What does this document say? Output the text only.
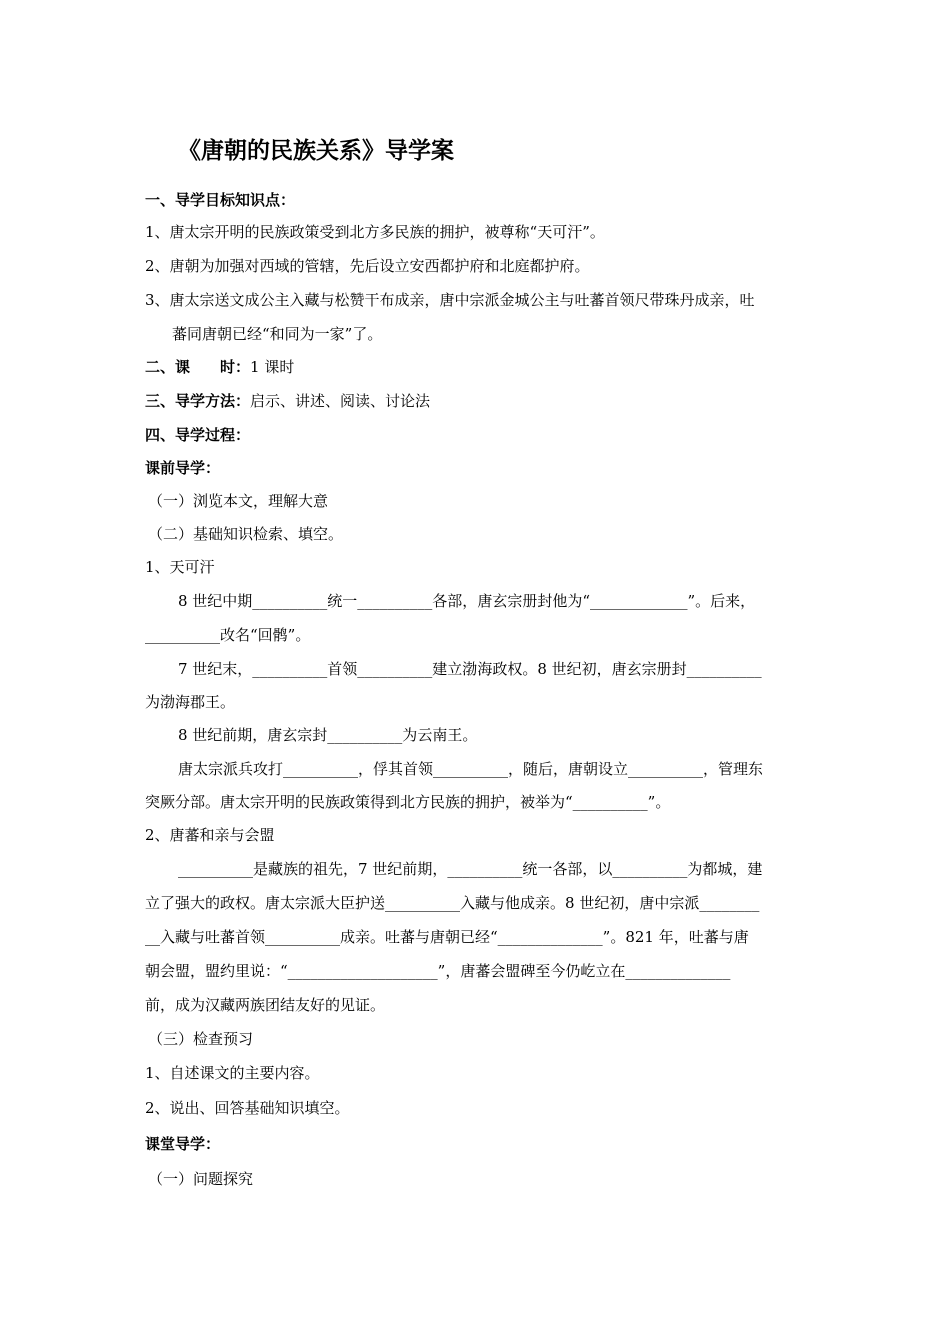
《唐朝的民族关系》导学案
一、导学目标知识点：
1、唐太宗开明的民族政策受到北方多民族的拥护，被尊称“天可汗”。
2、唐朝为加强对西域的管辖，先后设立安西都护府和北庭都护府。
3、唐太宗送文成公主入藏与松赞干布成亲，唐中宗派金城公主与吐蕃首领尺带珠丹成亲，吐
蕃同唐朝已经“和同为一家”了。
二、课　　时：1 课时
三、导学方法：启示、讲述、阅读、讨论法
四、导学过程：
课前导学：
（一）浏览本文，理解大意
（二）基础知识检索、填空。
1、天可汗
8 世纪中期__________统一__________各部，唐玄宗册封他为“_____________”。后来，
__________改名“回鹘”。
7 世纪末，__________首领__________建立渤海政权。8 世纪初，唐玄宗册封__________
为渤海郡王。
8 世纪前期，唐玄宗封__________为云南王。
唐太宗派兵攻打__________，俘其首领__________，随后，唐朝设立__________，管理东
突厥分部。唐太宗开明的民族政策得到北方民族的拥护，被举为“__________”。
2、唐蕃和亲与会盟
__________是藏族的祖先，7 世纪前期，__________统一各部，以__________为都城，建
立了强大的政权。唐太宗派大臣护送__________入藏与他成亲。8 世纪初，唐中宗派________
__入藏与吐蕃首领__________成亲。吐蕃与唐朝已经“______________”。821 年，吐蕃与唐
朝会盟，盟约里说：“____________________”，唐蕃会盟碑至今仍屹立在______________
前，成为汉藏两族团结友好的见证。
（三）检查预习
1、自述课文的主要内容。
2、说出、回答基础知识填空。
课堂导学：
（一）问题探究
